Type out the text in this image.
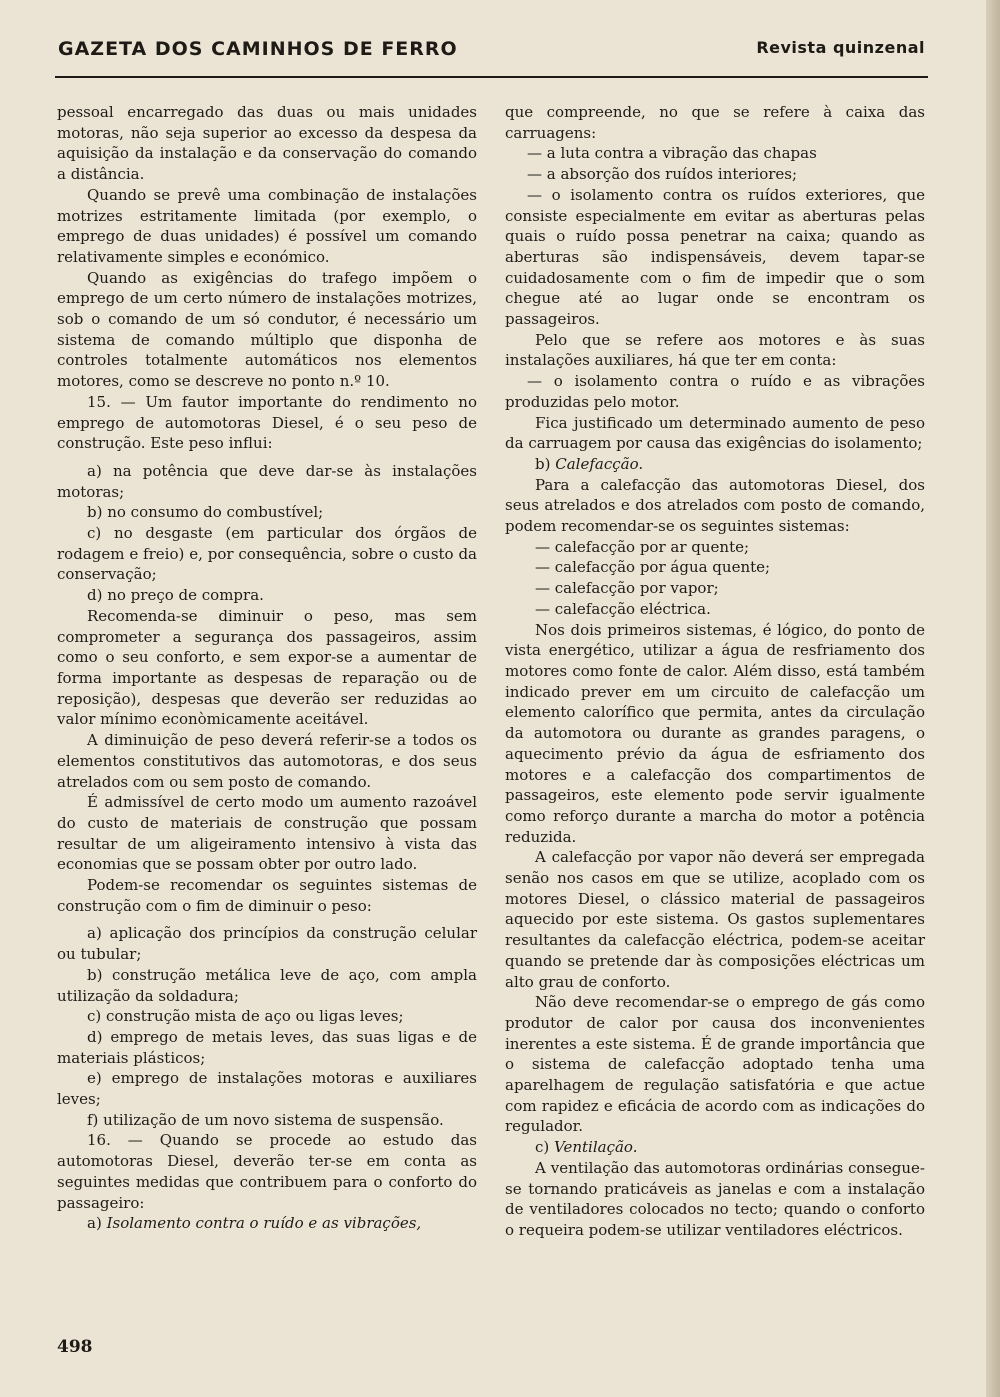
GAZETA DOS CAMINHOS DE FERRO	Revista quinzenal

pessoal encarregado das duas ou mais unidades motoras, não seja superior ao excesso da despesa da aquisição da instalação e da conservação do comando a distância.

Quando se prevê uma combinação de instalações motrizes estritamente limitada (por exemplo, o emprego de duas unidades) é possível um comando relativamente simples e económico.

Quando as exigências do trafego impõem o emprego de um certo número de instalações motrizes, sob o comando de um só condutor, é necessário um sistema de comando múltiplo que disponha de controles totalmente automáticos nos elementos motores, como se descreve no ponto n.º 10.

15. — Um fautor importante do rendimento no emprego de automotoras Diesel, é o seu peso de construção. Este peso influi:

a) na potência que deve dar-se às instalações motoras;

b) no consumo do combustível;

c) no desgaste (em particular dos órgãos de rodagem e freio) e, por consequência, sobre o custo da conservação;

d) no preço de compra.

Recomenda-se diminuir o peso, mas sem comprometer a segurança dos passageiros, assim como o seu conforto, e sem expor-se a aumentar de forma importante as despesas de reparação ou de reposição), despesas que deverão ser reduzidas ao valor mínimo econòmicamente aceitável.

A diminuição de peso deverá referir-se a todos os elementos constitutivos das automotoras, e dos seus atrelados com ou sem posto de comando.

É admissível de certo modo um aumento razoável do custo de materiais de construção que possam resultar de um aligeiramento intensivo à vista das economias que se possam obter por outro lado.

Podem-se recomendar os seguintes sistemas de construção com o fim de diminuir o peso:

a) aplicação dos princípios da construção celular ou tubular;

b) construção metálica leve de aço, com ampla utilização da soldadura;

c) construção mista de aço ou ligas leves;

d) emprego de metais leves, das suas ligas e de materiais plásticos;

e) emprego de instalações motoras e auxiliares leves;

f) utilização de um novo sistema de suspensão.

16. — Quando se procede ao estudo das automotoras Diesel, deverão ter-se em conta as seguintes medidas que contribuem para o conforto do passageiro:

a) Isolamento contra o ruído e as vibrações,

que compreende, no que se refere à caixa das carruagens:

— a luta contra a vibração das chapas

— a absorção dos ruídos interiores;

— o isolamento contra os ruídos exteriores, que consiste especialmente em evitar as aberturas pelas quais o ruído possa penetrar na caixa; quando as aberturas são indispensáveis, devem tapar-se cuidadosamente com o fim de impedir que o som chegue até ao lugar onde se encontram os passageiros.

Pelo que se refere aos motores e às suas instalações auxiliares, há que ter em conta:

— o isolamento contra o ruído e as vibrações produzidas pelo motor.

Fica justificado um determinado aumento de peso da carruagem por causa das exigências do isolamento;

b) Calefacção.

Para a calefacção das automotoras Diesel, dos seus atrelados e dos atrelados com posto de comando, podem recomendar-se os seguintes sistemas:

— calefacção por ar quente;

— calefacção por água quente;

— calefacção por vapor;

— calefacção eléctrica.

Nos dois primeiros sistemas, é lógico, do ponto de vista energético, utilizar a água de resfriamento dos motores como fonte de calor. Além disso, está também indicado prever em um circuito de calefacção um elemento calorífico que permita, antes da circulação da automotora ou durante as grandes paragens, o aquecimento prévio da água de esfriamento dos motores e a calefacção dos compartimentos de passageiros, este elemento pode servir igualmente como reforço durante a marcha do motor a potência reduzida.

A calefacção por vapor não deverá ser empregada senão nos casos em que se utilize, acoplado com os motores Diesel, o clássico material de passageiros aquecido por este sistema. Os gastos suplementares resultantes da calefacção eléctrica, podem-se aceitar quando se pretende dar às composições eléctricas um alto grau de conforto.

Não deve recomendar-se o emprego de gás como produtor de calor por causa dos inconvenientes inerentes a este sistema. É de grande importância que o sistema de calefacção adoptado tenha uma aparelhagem de regulação satisfatória e que actue com rapidez e eficácia de acordo com as indicações do regulador.

c) Ventilação.

A ventilação das automotoras ordinárias consegue-se tornando praticáveis as janelas e com a instalação de ventiladores colocados no tecto; quando o conforto o requeira podem-se utilizar ventiladores eléctricos.

498
